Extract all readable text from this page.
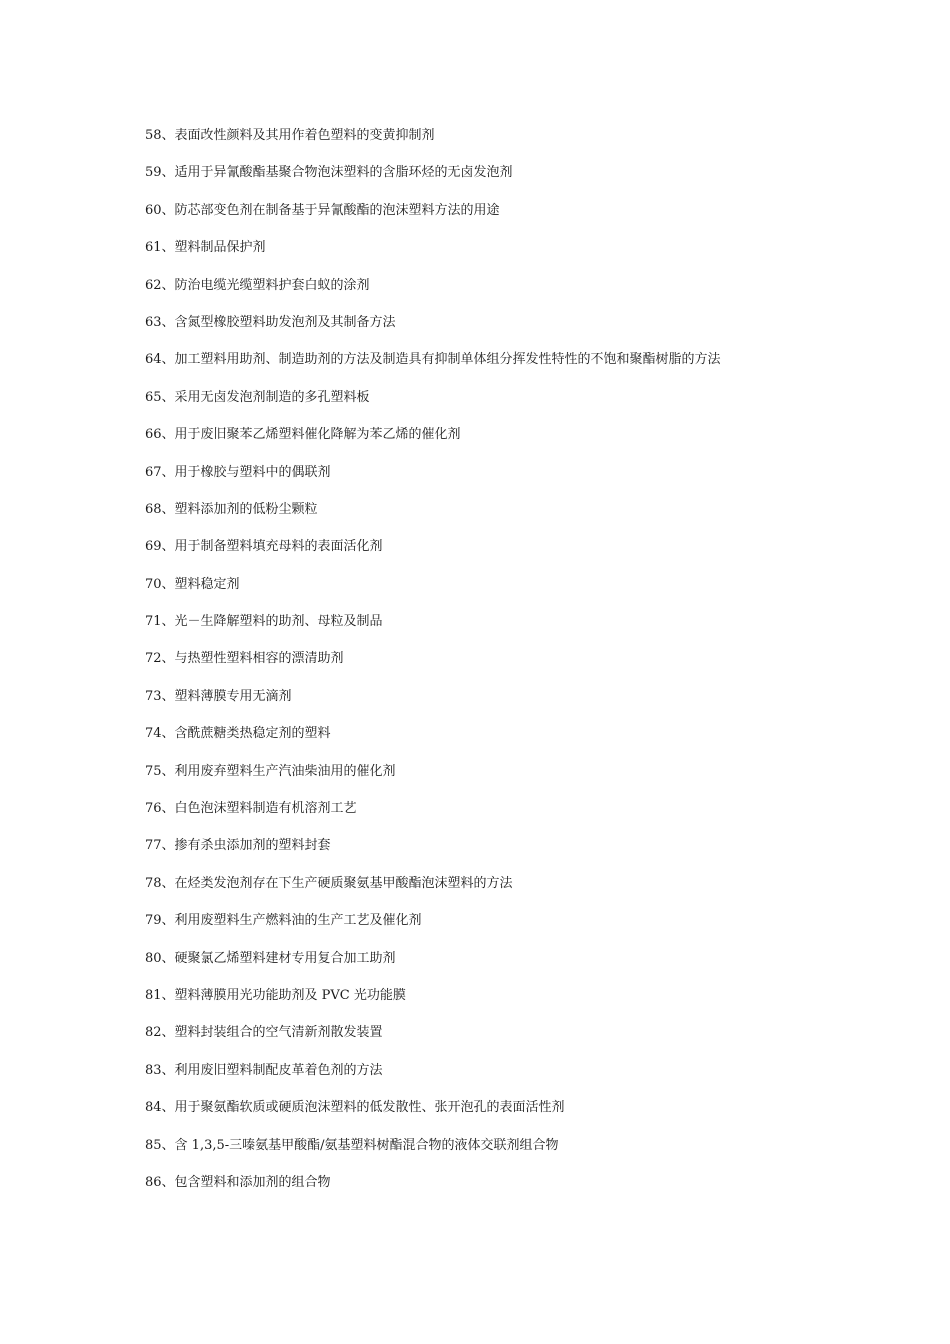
58、表面改性颜料及其用作着色塑料的变黄抑制剂
59、适用于异氰酸酯基聚合物泡沫塑料的含脂环烃的无卤发泡剂
60、防芯部变色剂在制备基于异氰酸酯的泡沫塑料方法的用途
61、塑料制品保护剂
62、防治电缆光缆塑料护套白蚁的涂剂
63、含氮型橡胶塑料助发泡剂及其制备方法
64、加工塑料用助剂、制造助剂的方法及制造具有抑制单体组分挥发性特性的不饱和聚酯树脂的方法
65、采用无卤发泡剂制造的多孔塑料板
66、用于废旧聚苯乙烯塑料催化降解为苯乙烯的催化剂
67、用于橡胶与塑料中的偶联剂
68、塑料添加剂的低粉尘颗粒
69、用于制备塑料填充母料的表面活化剂
70、塑料稳定剂
71、光－生降解塑料的助剂、母粒及制品
72、与热塑性塑料相容的漂清助剂
73、塑料薄膜专用无滴剂
74、含酰蔗糖类热稳定剂的塑料
75、利用废弃塑料生产汽油柴油用的催化剂
76、白色泡沫塑料制造有机溶剂工艺
77、掺有杀虫添加剂的塑料封套
78、在烃类发泡剂存在下生产硬质聚氨基甲酸酯泡沫塑料的方法
79、利用废塑料生产燃料油的生产工艺及催化剂
80、硬聚氯乙烯塑料建材专用复合加工助剂
81、塑料薄膜用光功能助剂及 PVC 光功能膜
82、塑料封装组合的空气清新剂散发装置
83、利用废旧塑料制配皮革着色剂的方法
84、用于聚氨酯软质或硬质泡沫塑料的低发散性、张开泡孔的表面活性剂
85、含 1,3,5-三嗪氨基甲酸酯/氨基塑料树酯混合物的液体交联剂组合物
86、包含塑料和添加剂的组合物
